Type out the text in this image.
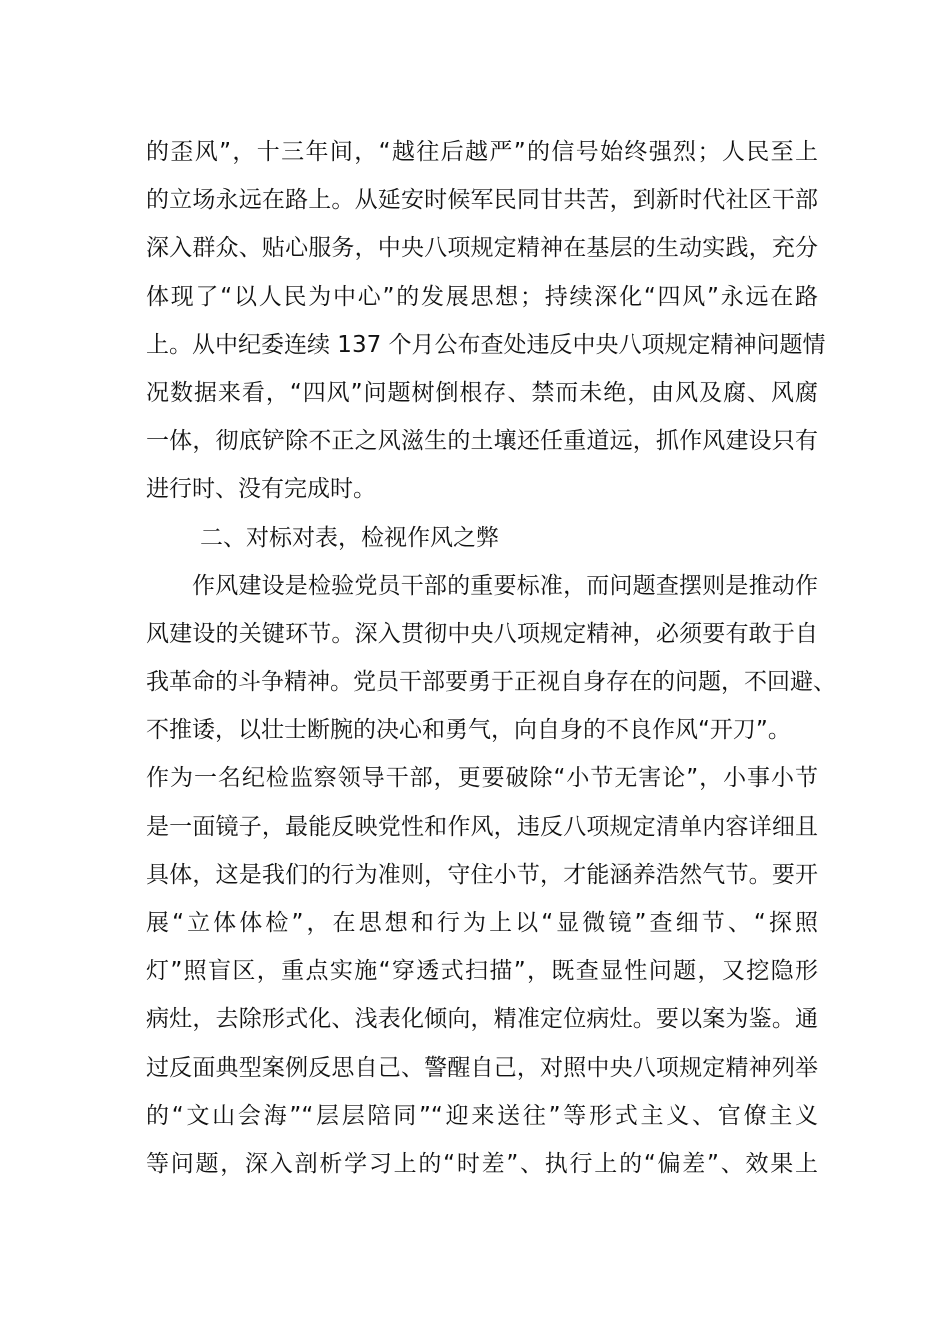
的歪风”，十三年间，“越往后越严”的信号始终强烈；人民至上
的立场永远在路上。从延安时候军民同甘共苦，到新时代社区干部
深入群众、贴心服务，中央八项规定精神在基层的生动实践，充分
体现了“以人民为中心”的发展思想；持续深化“四风”永远在路
上。从中纪委连续 137 个月公布查处违反中央八项规定精神问题情
况数据来看，“四风”问题树倒根存、禁而未绝，由风及腐、风腐
一体，彻底铲除不正之风滋生的土壤还任重道远，抓作风建设只有
进行时、没有完成时。
二、对标对表，检视作风之弊
作风建设是检验党员干部的重要标准，而问题查摆则是推动作
风建设的关键环节。深入贯彻中央八项规定精神，必须要有敢于自
我革命的斗争精神。党员干部要勇于正视自身存在的问题，不回避、
不推诿，以壮士断腕的决心和勇气，向自身的不良作风“开刀”。
作为一名纪检监察领导干部，更要破除“小节无害论”，小事小节
是一面镜子，最能反映党性和作风，违反八项规定清单内容详细且
具体，这是我们的行为准则，守住小节，才能涵养浩然气节。要开
展“立体体检”，在思想和行为上以“显微镜”查细节、“探照
灯”照盲区，重点实施“穿透式扫描”，既查显性问题，又挖隐形
病灶，去除形式化、浅表化倾向，精准定位病灶。要以案为鉴。通
过反面典型案例反思自己、警醒自己，对照中央八项规定精神列举
的“文山会海”“层层陪同”“迎来送往”等形式主义、官僚主义
等问题，深入剖析学习上的“时差”、执行上的“偏差”、效果上
